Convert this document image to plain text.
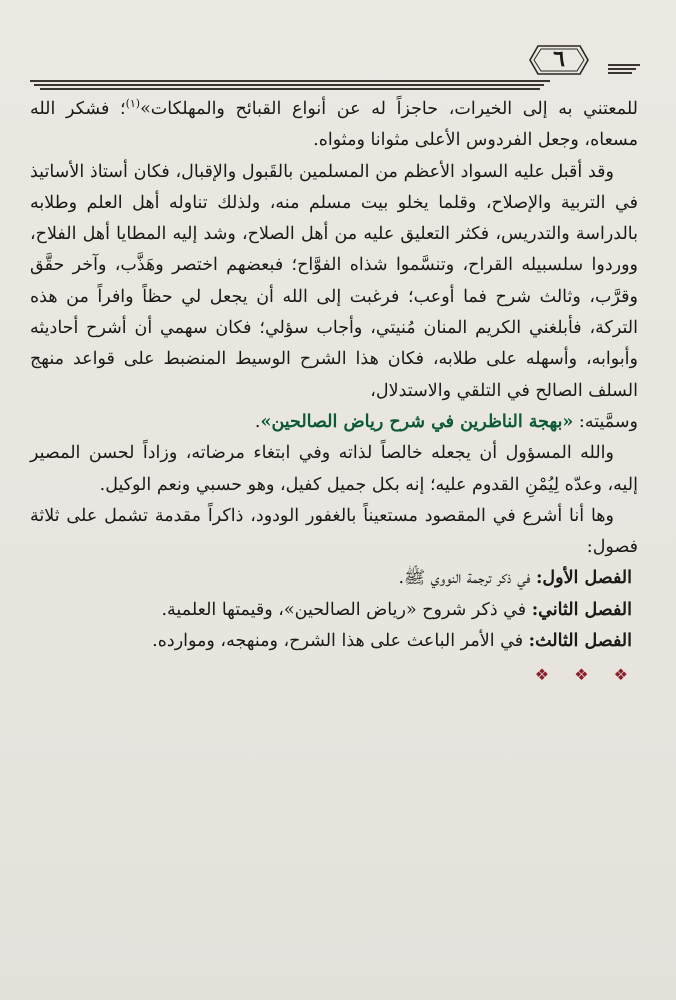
٦

للمعتني به إلى الخيرات، حاجزاً له عن أنواع القبائح والمهلكات»$^{(١)}$؛ فشكر الله مسعاه، وجعل الفردوس الأعلى مثوانا ومثواه.

وقد أقبل عليه السواد الأعظم من المسلمين بالقَبول والإقبال، فكان أستاذ الأساتيذ في التربية والإصلاح، وقلما يخلو بيت مسلم منه، ولذلك تناوله أهل العلم وطلابه بالدراسة والتدريس، فكثر التعليق عليه من أهل الصلاح، وشد إليه المطايا أهل الفلاح، ووردوا سلسبيله القراح، وتنسَّموا شذاه الفوَّاح؛ فبعضهم اختصر وهَذَّب، وآخر حقَّق وقرَّب، وثالث شرح فما أوعب؛ فرغبت إلى الله أن يجعل لي حظاً وافراً من هذه التركة، فأبلغني الكريم المنان مُنيتي، وأجاب سؤلي؛ فكان سهمي أن أشرح أحاديثه وأبوابه، وأسهله على طلابه، فكان هذا الشرح الوسيط المنضبط على قواعد منهج السلف الصالح في التلقي والاستدلال،

وسمَّيته: «بهجة الناظرين في شرح رياض الصالحين».

والله المسؤول أن يجعله خالصاً لذاته وفي ابتغاء مرضاته، وزاداً لحسن المصير إليه، وعدّه لِيُمْنِ القدوم عليه؛ إنه بكل جميل كفيل، وهو حسبي ونعم الوكيل.

وها أنا أشرع في المقصود مستعيناً بالغفور الودود، ذاكراً مقدمة تشمل على ثلاثة فصول:

الفصل الأول: في ذكر ترجمة النووي ﷺ.

الفصل الثاني: في ذكر شروح «رياض الصالحين»، وقيمتها العلمية.

الفصل الثالث: في الأمر الباعث على هذا الشرح، ومنهجه، وموارده.

❖ ❖ ❖
